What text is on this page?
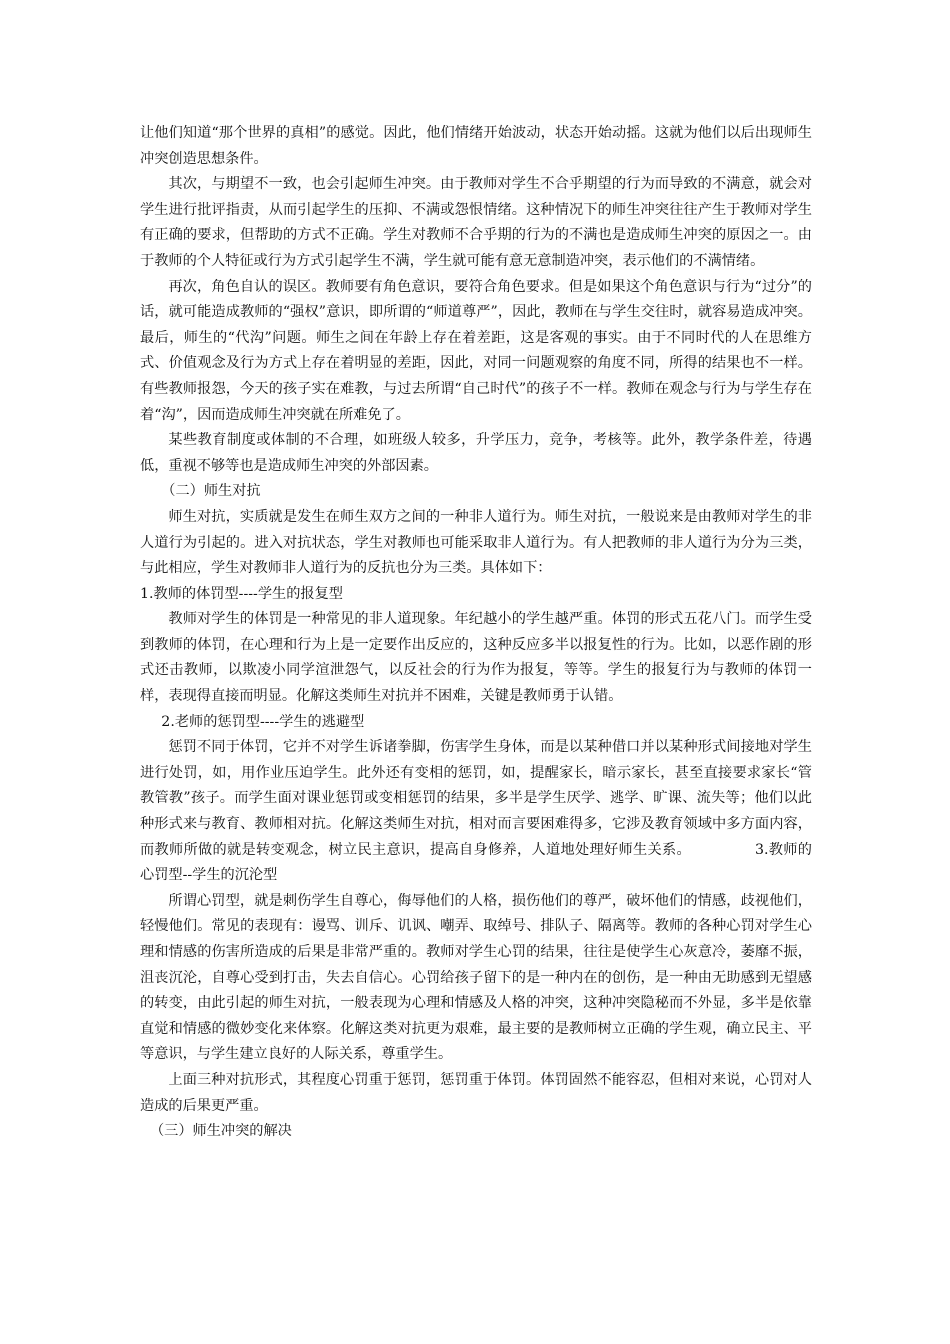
让他们知道“那个世界的真相”的感觉。因此，他们情绪开始波动，状态开始动摇。这就为他们以后出现师生冲突创造思想条件。

其次，与期望不一致，也会引起师生冲突。由于教师对学生不合乎期望的行为而导致的不满意，就会对学生进行批评指责，从而引起学生的压抑、不满或怨恨情绪。这种情况下的师生冲突往往产生于教师对学生有正确的要求，但帮助的方式不正确。学生对教师不合乎期的行为的不满也是造成师生冲突的原因之一。由于教师的个人特征或行为方式引起学生不满，学生就可能有意无意制造冲突，表示他们的不满情绪。

再次，角色自认的误区。教师要有角色意识，要符合角色要求。但是如果这个角色意识与行为“过分”的话，就可能造成教师的“强权”意识，即所谓的“师道尊严”，因此，教师在与学生交往时，就容易造成冲突。最后，师生的“代沟”问题。师生之间在年龄上存在着差距，这是客观的事实。由于不同时代的人在思维方式、价值观念及行为方式上存在着明显的差距，因此，对同一问题观察的角度不同，所得的结果也不一样。有些教师报怨，今天的孩子实在难教，与过去所谓“自己时代”的孩子不一样。教师在观念与行为与学生存在着“沟”，因而造成师生冲突就在所难免了。

某些教育制度或体制的不合理，如班级人较多，升学压力，竞争，考核等。此外，教学条件差，待遇低，重视不够等也是造成师生冲突的外部因素。

（二）师生对抗

师生对抗，实质就是发生在师生双方之间的一种非人道行为。师生对抗，一般说来是由教师对学生的非人道行为引起的。进入对抗状态，学生对教师也可能采取非人道行为。有人把教师的非人道行为分为三类，与此相应，学生对教师非人道行为的反抗也分为三类。具体如下：

1.教师的体罚型----学生的报复型

教师对学生的体罚是一种常见的非人道现象。年纪越小的学生越严重。体罚的形式五花八门。而学生受到教师的体罚，在心理和行为上是一定要作出反应的，这种反应多半以报复性的行为。比如，以恶作剧的形式还击教师，以欺凌小同学渲泄怨气，以反社会的行为作为报复，等等。学生的报复行为与教师的体罚一样，表现得直接而明显。化解这类师生对抗并不困难，关键是教师勇于认错。

2.老师的惩罚型----学生的逃避型

惩罚不同于体罚，它并不对学生诉诸拳脚，伤害学生身体，而是以某种借口并以某种形式间接地对学生进行处罚，如，用作业压迫学生。此外还有变相的惩罚，如，提醒家长，暗示家长，甚至直接要求家长“管教管教”孩子。而学生面对课业惩罚或变相惩罚的结果，多半是学生厌学、逃学、旷课、流失等；他们以此种形式来与教育、教师相对抗。化解这类师生对抗，相对而言要困难得多，它涉及教育领域中多方面内容，而教师所做的就是转变观念，树立民主意识，提高自身修养，人道地处理好师生关系。	3.教师的心罚型--学生的沉沦型

所谓心罚型，就是刺伤学生自尊心，侮辱他们的人格，损伤他们的尊严，破坏他们的情感，歧视他们，轻慢他们。常见的表现有：谩骂、训斥、讥讽、嘲弄、取绰号、排队子、隔离等。教师的各种心罚对学生心理和情感的伤害所造成的后果是非常严重的。教师对学生心罚的结果，往往是使学生心灰意冷，萎靡不振，沮丧沉沦，自尊心受到打击，失去自信心。心罚给孩子留下的是一种内在的创伤，是一种由无助感到无望感的转变，由此引起的师生对抗，一般表现为心理和情感及人格的冲突，这种冲突隐秘而不外显，多半是依靠直觉和情感的微妙变化来体察。化解这类对抗更为艰难，最主要的是教师树立正确的学生观，确立民主、平等意识，与学生建立良好的人际关系，尊重学生。

上面三种对抗形式，其程度心罚重于惩罚，惩罚重于体罚。体罚固然不能容忍，但相对来说，心罚对人造成的后果更严重。

（三）师生冲突的解决
